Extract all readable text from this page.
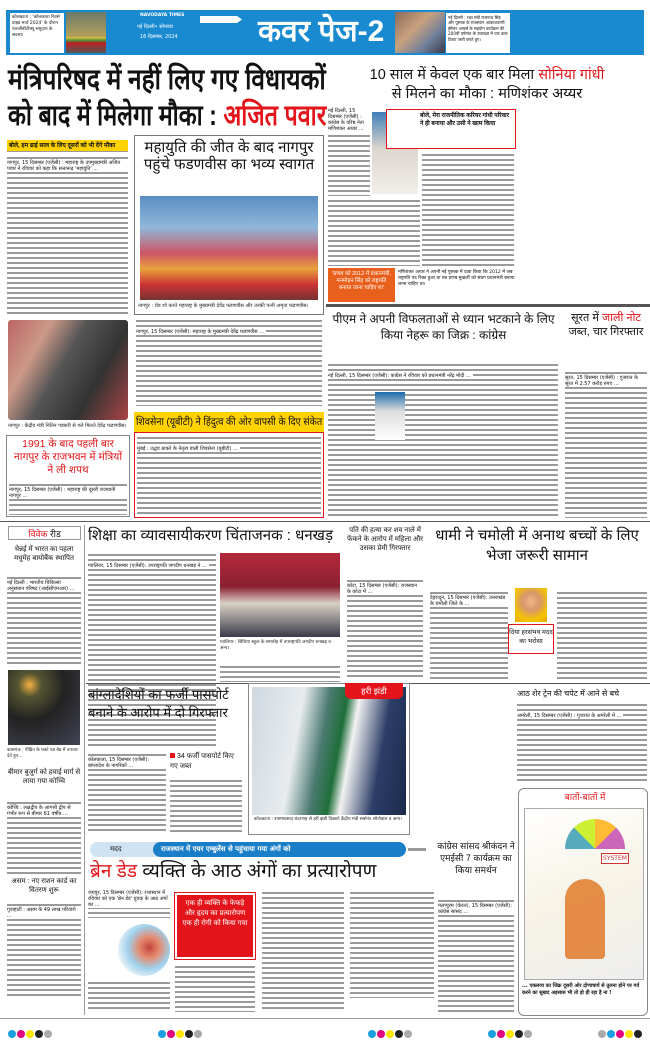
कोलकाता : 'कोलकाता रिवर्स प्राइड मार्च 2024' के दौरान एलजीबीटीक्यू समुदाय के सदस्य।
NAVODAYA TIMES
नई दिल्ली• सोमवार
16 दिसम्बर, 2024	कवर पेज-2	नई दिल्ली : रक्षा मंत्री राजनाथ सिंह और पुस्तक के राजस्थान आकाशवाणी ईमेलर आयर्स के सहयोग कार्यक्रम की 200वीं वर्षगांठ के उपलक्ष्य में एक डाक टिकट जारी करते हुए।
मंत्रिपरिषद में नहीं लिए गए विधायकों
को बाद में मिलेगा मौका : अजित पवार
बोले, हम ढाई साल के लिए दूसरों को भी देंगे मौका
नागपुर, 15 दिसम्बर (एजेंसी) : महाराष्ट्र के उपमुख्यमंत्री अजित पवार ने रविवार को कहा कि सत्तारूढ़ 'महायुति' ...
नागपुर : केंद्रीय मंत्री नितिन गडकरी से गले मिलते देवेंद्र फडणवीस।
महायुति की जीत के बाद नागपुर पहुंचे फडणवीस का भव्य स्वागत
नागपुर : रोड शो करते महाराष्ट्र के मुख्यमंत्री देवेंद्र फडणवीस और उनकी पत्नी अमृता फडणवीस।
नागपुर, 15 दिसम्बर (एजेंसी): महाराष्ट्र के मुख्यमंत्री देवेंद्र फडणवीस ...
1991 के बाद पहली बार नागपुर के राजभवन में मंत्रियों ने ली शपथ
नागपुर, 15 दिसम्बर (एजेंसी) : महाराष्ट्र की दूसरी राजधानी नागपुर ...
मुंबई : उद्धव ठाकरे के नेतृत्व वाली शिवसेना (यूबीटी) ...
शिवसेना (यूबीटी) ने हिंदुत्व की ओर वापसी के दिए संकेत
10 साल में केवल एक बार मिला सोनिया गांधी
से मिलने का मौका : मणिशंकर अय्यर
नई दिल्ली, 15 दिसम्बर (एजेंसी) : कांग्रेस के वरिष्ठ नेता मणिशंकर अय्यर ...
बोले, मेरा राजनीतिक करियर गांधी परिवार ने ही बनाया और उसी ने खत्म किया
'प्रणब को 2012 में प्रधानमंत्री, मनमोहन सिंह को राष्ट्रपति बनाया जाना चाहिए था'
मणिशंकर अय्यर ने अपनी नई पुस्तक में दावा किया कि 2012 में जब राष्ट्रपति पद रिक्त हुआ था तब प्रणब मुखर्जी को संप्रग प्रधानमंत्री बनाया जाना चाहिए था।
पीएम ने अपनी विफलताओं से ध्यान भटकाने के लिए किया नेहरू का जिक्र : कांग्रेस
नई दिल्ली, 15 दिसम्बर (एजेंसी): कांग्रेस ने रविवार को प्रधानमंत्री नरेंद्र मोदी ...
सूरत में जाली नोट जब्त, चार गिरफ्तार
सूरत, 15 दिसम्बर (एजेंसी) : गुजरात के सूरत में 2.57 करोड़ रुपए ...
विवेक रीड
चेन्नई में भारत का पहला मधुमेह बायोबैंक स्थापित
नई दिल्ली : भारतीय चिकित्सा अनुसंधान परिषद (आईसीएमआर) ...
कासगंज : पीड़ित के फर्स्ट एड बेड में उपचार देते हुए...
बीमार बुजुर्ग को हवाई मार्ग से लाया गया कोच्चि
कोच्चि : लक्षद्वीप के आगत्ती द्वीप से गंभीर रूप से बीमार 61 वर्षीय ...
असम : नए राशन कार्ड का वितरण शुरू
गुवाहाटी : असम के 49 लाख परिवारों ...
शिक्षा का व्यावसायीकरण चिंताजनक : धनखड़
ग्वालियर, 15 दिसम्बर (एजेंसी): उपराष्ट्रपति जगदीप धनखड़ ने ...
ग्वालियर : सिंधिया स्कूल के समारोह में उपराष्ट्रपति जगदीप धनखड़ व अन्य।
पति की हत्या कर शव नाले में फेंकने के आरोप में महिला और उसका प्रेमी गिरफ्तार
कोटा, 15 दिसम्बर (एजेंसी): राजस्थान के कोटा में ...
धामी ने चमोली में अनाथ बच्चों के लिए भेजा जरूरी सामान
देहरादून, 15 दिसम्बर (एजेंसी): उत्तराखंड के चमोली जिले के ...
दिया हरसंभव मदद का भरोसा
बांग्लादेशियों का फर्जी पासपोर्ट बनाने के आरोप में दो गिरफ्तार
कोलकाता, 15 दिसम्बर (एजेंसी): बांग्लादेश के नागरिकों ...
34 फर्जी पासपोर्ट किए गए जब्त
हरी झंडी
कोलकाता : श्यामाप्रसाद बंदरगाह से हरी झंडी दिखाते केंद्रीय मंत्री सर्बानंद सोनोवाल व अन्य।
आठ शेर ट्रेन की चपेट में आने से बचे
अमरेली, 15 दिसम्बर (एजेंसी) : गुजरात के अमरेली में ...
बातों-बातों में
SYSTEM
... एकलव्य का जिक्र दूसरी ओर द्रोणाचार्य से तुलना होने पर गर्व करने का सुखद अहसास भी तो हो ही रहा है ना !
मदद	राजस्थान में एयर एम्बुलेंस से पहुंचाया गया अंगों को
ब्रेन डेड व्यक्ति के आठ अंगों का प्रत्यारोपण
जयपुर, 15 दिसम्बर (एजेंसी): राजस्थान में रविवार को एक 'ब्रेन डेड' युवक के आठ अंगों का ...	एक ही व्यक्ति के फेफड़े और हृदय का प्रत्यारोपण एक ही रोगी को किया गया
कांग्रेस सांसद श्रीकंदन ने एमईसी 7 कार्यक्रम का किया समर्थन
मलप्पुरम (केरल), 15 दिसम्बर (एजेंसी): कांग्रेस सांसद ...
